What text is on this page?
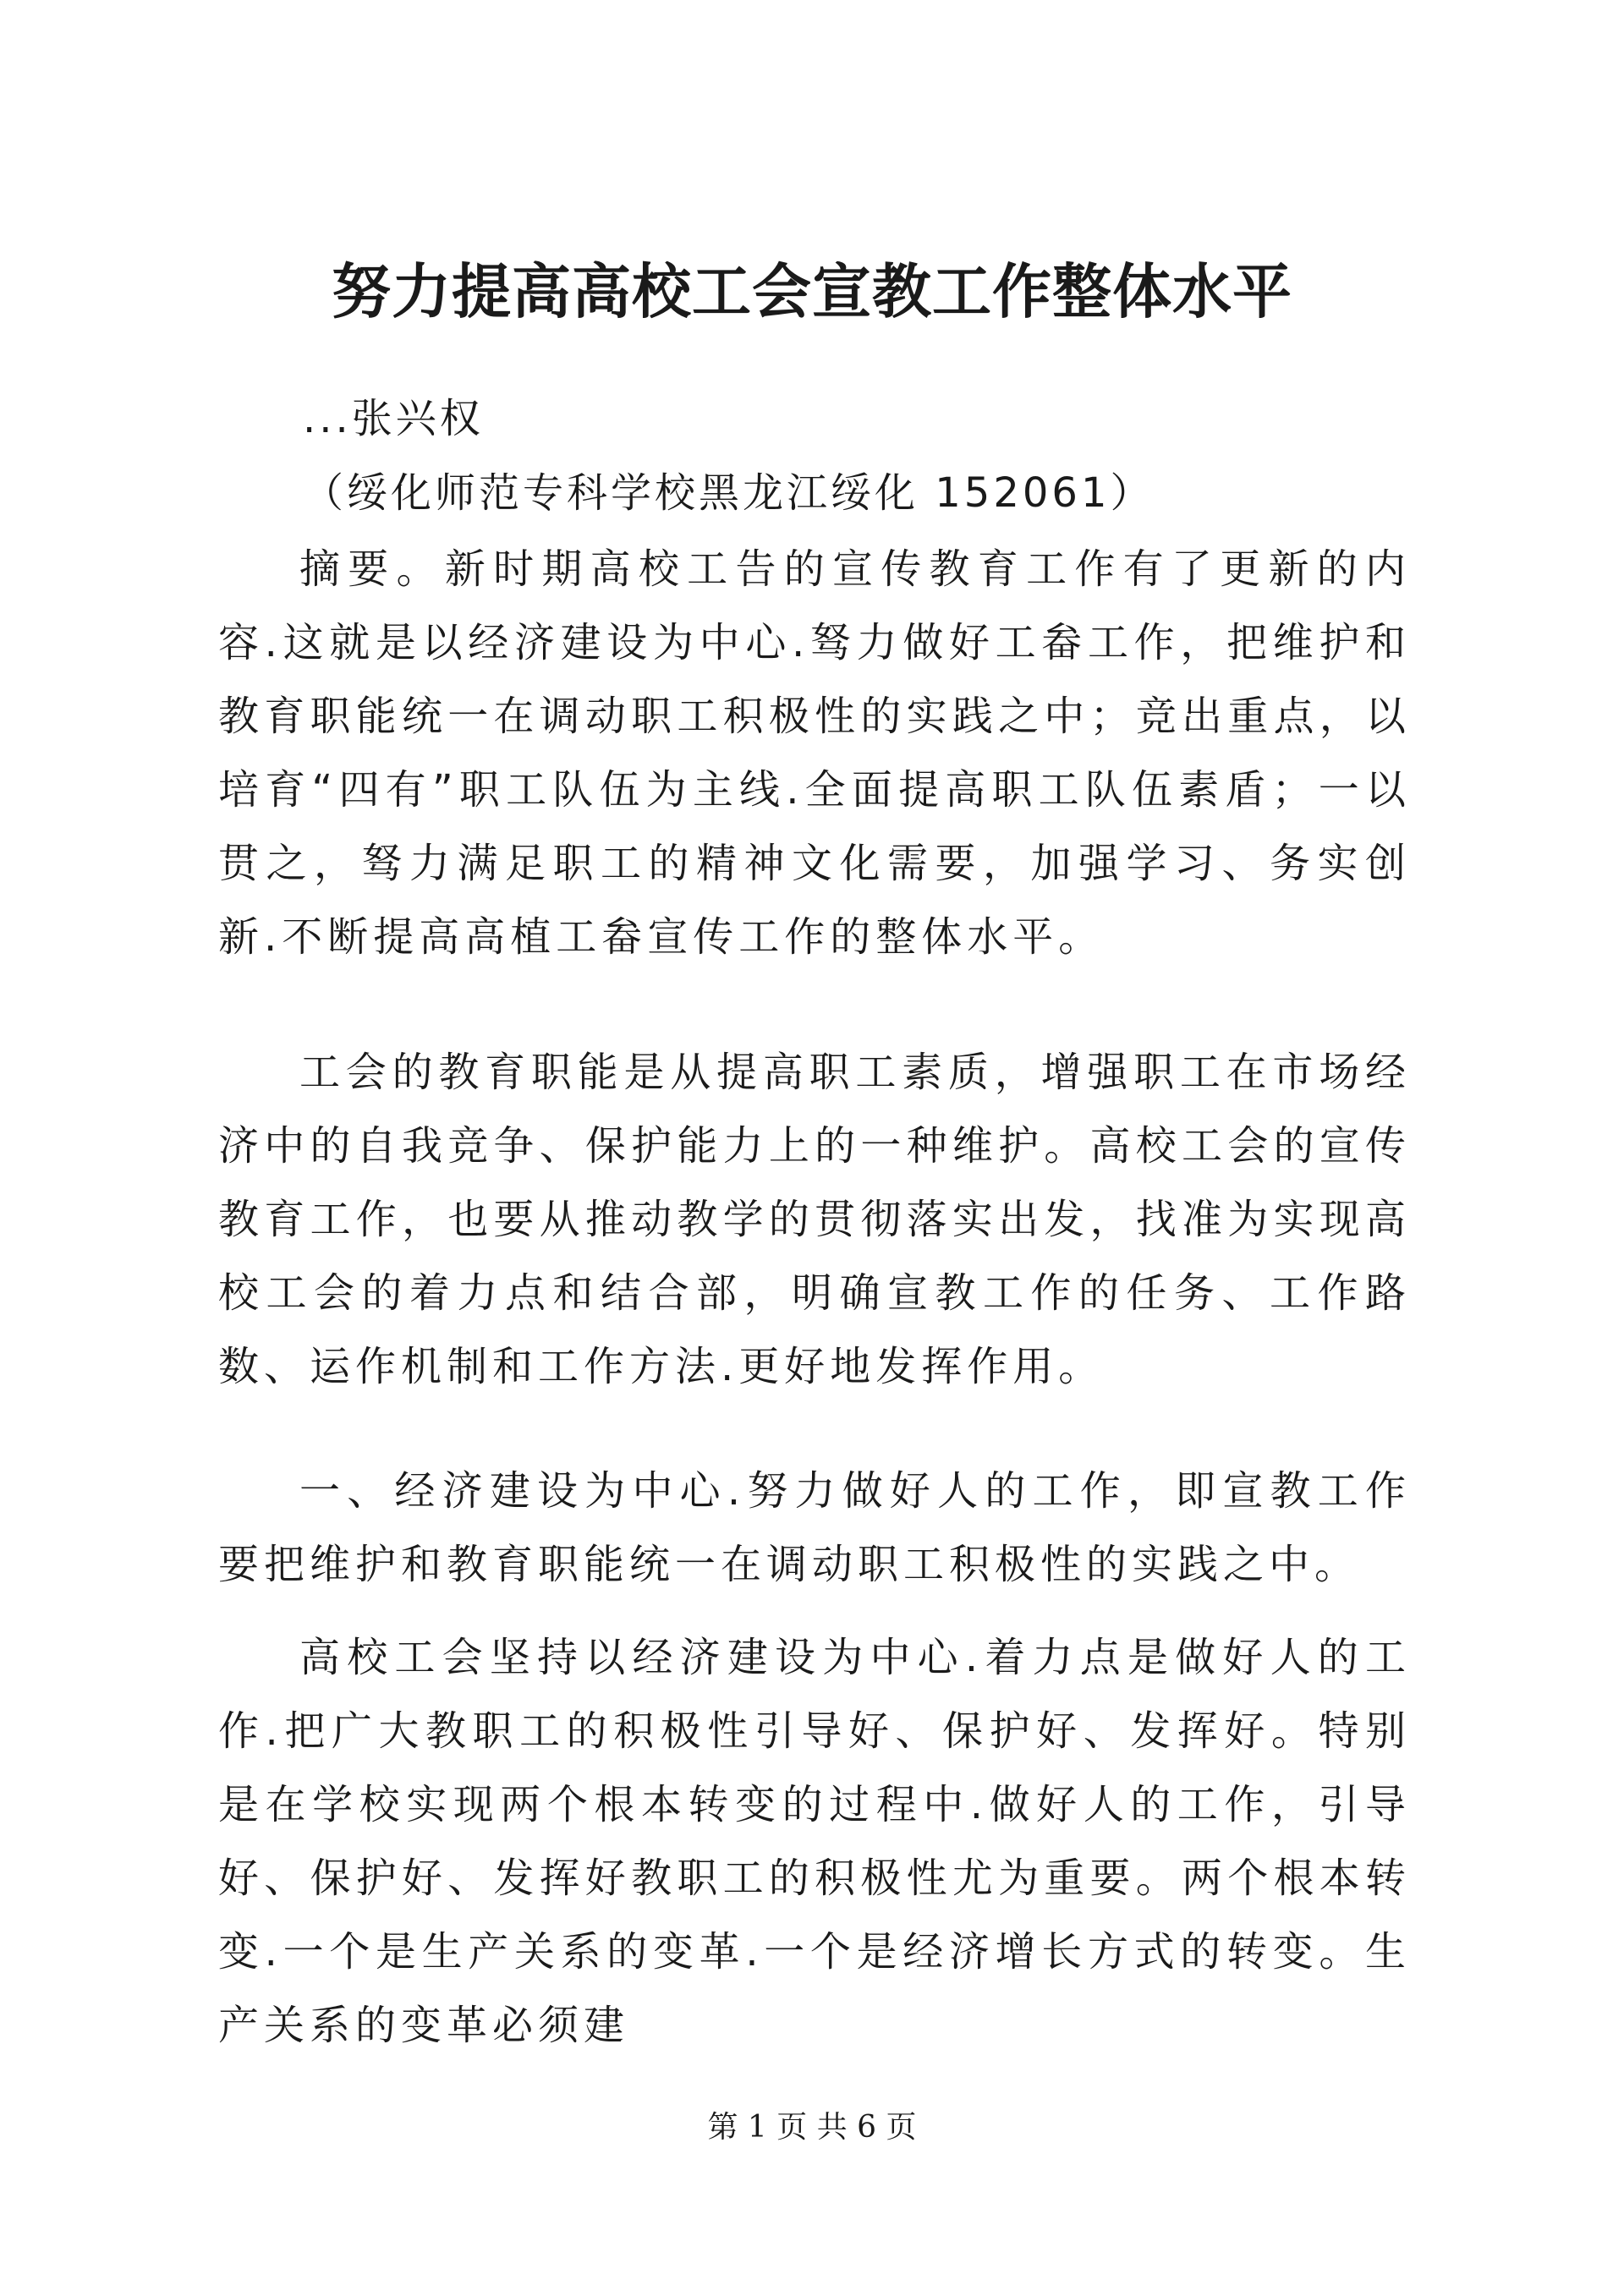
努力提高高校工会宣教工作整体水平

...张兴权

（绥化师范专科学校黑龙江绥化 152061）

摘要。新时期高校工告的宣传教育工作有了更新的内容.这就是以经济建设为中心.驽力做好工畚工作，把维护和教育职能统一在调动职工积极性的实践之中；竞出重点，以培育“四有”职工队伍为主线.全面提高职工队伍素盾；一以贯之，驽力满足职工的精神文化需要，加强学习、务实创新.不断提高高植工畚宣传工作的整体水平。

工会的教育职能是从提高职工素质，增强职工在市场经济中的自我竞争、保护能力上的一种维护。高校工会的宣传教育工作，也要从推动教学的贯彻落实出发，找准为实现高校工会的着力点和结合部，明确宣教工作的任务、工作路数、运作机制和工作方法.更好地发挥作用。

一、经济建设为中心.努力做好人的工作，即宣教工作要把维护和教育职能统一在调动职工积极性的实践之中。

高校工会坚持以经济建设为中心.着力点是做好人的工作.把广大教职工的积极性引导好、保护好、发挥好。特别是在学校实现两个根本转变的过程中.做好人的工作，引导好、保护好、发挥好教职工的积极性尤为重要。两个根本转变.一个是生产关系的变革.一个是经济增长方式的转变。生产关系的变革必须建

第 1 页 共 6 页
